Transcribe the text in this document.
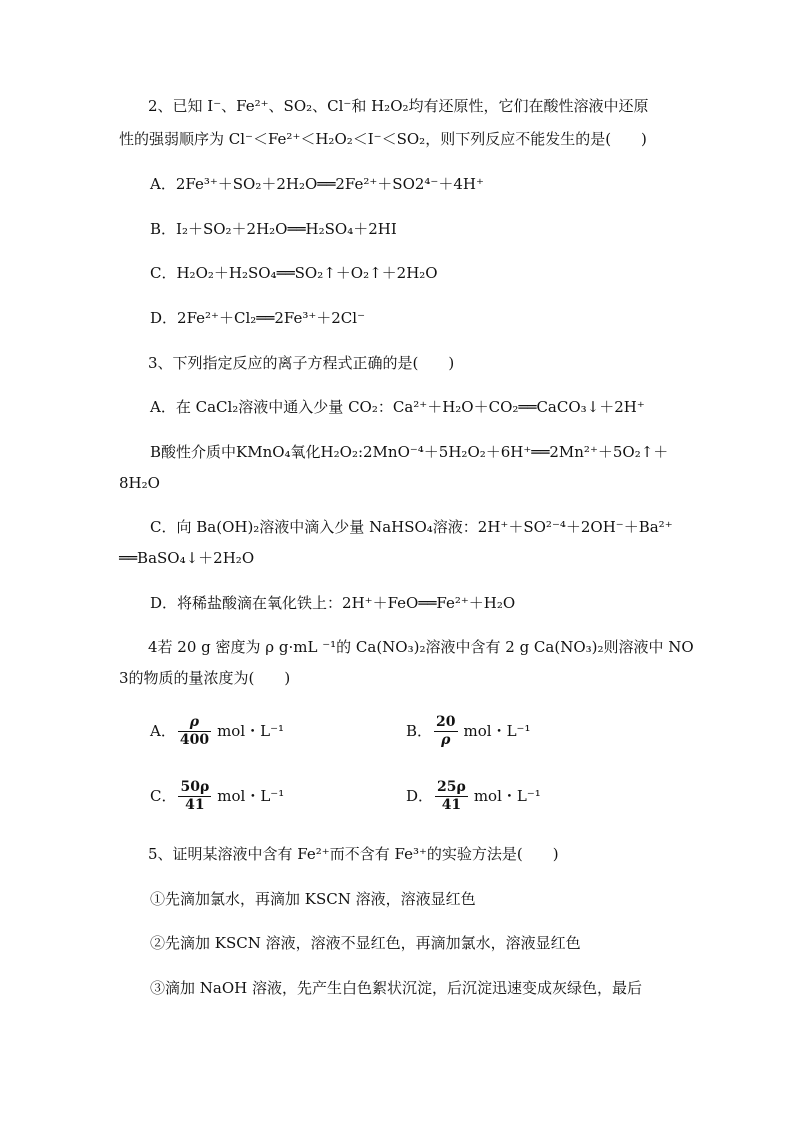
2、已知 I⁻、Fe²⁺、SO₂、Cl⁻和 H₂O₂均有还原性，它们在酸性溶液中还原
性的强弱顺序为 Cl⁻＜Fe²⁺＜H₂O₂＜I⁻＜SO₂，则下列反应不能发生的是(　　)
A．2Fe³⁺＋SO₂＋2H₂O══2Fe²⁺＋SO2⁴⁻＋4H⁺
B．I₂＋SO₂＋2H₂O══H₂SO₄＋2HI
C．H₂O₂＋H₂SO₄══SO₂↑＋O₂↑＋2H₂O
D．2Fe²⁺＋Cl₂══2Fe³⁺＋2Cl⁻
3、下列指定反应的离子方程式正确的是(　　)
A．在 CaCl₂溶液中通入少量 CO₂：Ca²⁺＋H₂O＋CO₂══CaCO₃↓＋2H⁺
B酸性介质中KMnO₄氧化H₂O₂:2MnO⁻⁴＋5H₂O₂＋6H⁺══2Mn²⁺＋5O₂↑＋
8H₂O
C．向 Ba(OH)₂溶液中滴入少量 NaHSO₄溶液：2H⁺＋SO²⁻⁴＋2OH⁻＋Ba²⁺
══BaSO₄↓＋2H₂O
D．将稀盐酸滴在氧化铁上：2H⁺＋FeO══Fe²⁺＋H₂O
4若 20 g 密度为 ρ g·mL ⁻¹的 Ca(NO₃)₂溶液中含有 2 g Ca(NO₃)₂则溶液中 NO
3的物质的量浓度为(　　)
A． $\frac{\rho}{400}$ mol・L⁻¹	B． $\frac{20}{\rho}$ mol・L⁻¹
C． $\frac{50\rho}{41}$ mol・L⁻¹	D． $\frac{25\rho}{41}$ mol・L⁻¹
5、证明某溶液中含有 Fe²⁺而不含有 Fe³⁺的实验方法是(　　)
①先滴加氯水，再滴加 KSCN 溶液，溶液显红色
②先滴加 KSCN 溶液，溶液不显红色，再滴加氯水，溶液显红色
③滴加 NaOH 溶液，先产生白色絮状沉淀，后沉淀迅速变成灰绿色，最后
